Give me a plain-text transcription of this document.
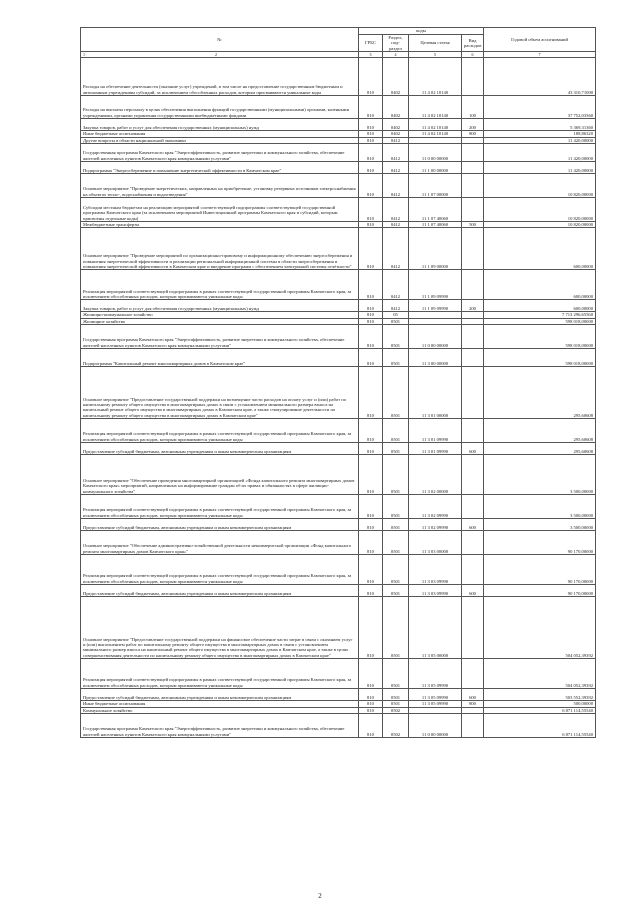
№	коды				Годовой объем ассигнований
	ГРБС	Раздел, под-раздел	Целевая статья	Вид расходов	
1 2	3	4	5	6	7
Расходы на обеспечение деятельности (оказание услуг) учреждений, в том числе на предоставление государственным бюджетным и автономным учреждениям субсидий, за исключением обособленных расходов, которым присваиваются уникальные коды	810	0402	11 4 02 10140		43 310,71000
Расходы на выплаты персоналу в целях обеспечения выполнения функций государственными (муниципальными) органами, казенными учреждениями, органами управления государственными внебюджетными фондами	810	0402	11 4 02 10140	100	37 752,03360
Закупка товаров, работ и услуг для обеспечения государственных (муниципальных) нужд	810	0402	11 4 02 10140	200	5 369,31360
Иные бюджетные ассигнования	810	0402	11 4 02 10140	800	188,86320
Другие вопросы в области национальной экономики	810	0412			11 420,00000
Государственная программа Камчатского края "Энергоэффективность, развитие энергетики и коммунального хозяйства, обеспечение жителей населенных пунктов Камчатского края коммунальными услугами"	810	0412	11 0 00 00000		11 420,00000
Подпрограмма "Энергосбережение и повышение энергетической эффективности в Камчатском крае"	810	0412	11 1 00 00000		11 420,00000
Основное мероприятие "Проведение энергетических, направленных на приобретение, установку резервных источников электроснабжения на объектах тепло-, водоснабжения и водоотведения"	810	0412	11 1 07 00000		10 820,00000
Субсидии местным бюджетам на реализацию мероприятий соответствующей подпрограммы соответствующей государственной программы Камчатского края (за исключением мероприятий Инвестиционной программы Камчатского края и субсидий, которым присвоены отдельные коды)	810	0412	11 1 07 40060		10 820,00000
Межбюджетные трансферты	810	0412	11 1 07 40060	500	10 820,00000
Основное мероприятие "Проведение мероприятий по организационно-правовому и информационному обеспечению энергосбережения и повышения энергетической эффективности и реализации региональной информационной системы в области энергосбережения и повышения энергетической эффективности в Камчатском крае и внедрение программ с обеспечением электронной системы отчётности"	810	0412	11 1 09 00000		600,00000
Реализация мероприятий соответствующей подпрограммы в рамках соответствующей государственной программы Камчатского края, за исключением обособленных расходов, которым присваиваются уникальные коды	810	0412	11 1 09 09990		600,00000
Закупка товаров, работ и услуг для обеспечения государственных (муниципальных) нужд	810	0412	11 1 09 09990	200	600,00000
Жилищно-коммунальное хозяйство	810	05			7 713 296,65560
Жилищное хозяйство	810	0501			598 018,00000
Государственная программа Камчатского края "Энергоэффективность, развитие энергетики и коммунального хозяйства, обеспечение жителей населенных пунктов Камчатского края коммунальными услугами"	810	0501	11 0 00 00000		598 018,00000
Подпрограмма "Капитальный ремонт многоквартирных домов в Камчатском крае"	810	0501	11 3 00 00000		598 018,00000
Основное мероприятие "Предоставление государственной поддержки на возмещение части расходов на оплату услуг и (или) работ по капитальному ремонту общего имущества в многоквартирных домах в связи с установлением минимального размера взноса на капитальный ремонт общего имущества в многоквартирных домах в Камчатском крае, а также стимулирование деятельности по капитальному ремонту общего имущества в многоквартирных домах в Камчатском крае"	810	0501	11 3 01 00000		295,60608
Реализация мероприятий соответствующей подпрограммы в рамках соответствующей государственной программы Камчатского края, за исключением обособленных расходов, которым присваиваются уникальные коды	810	0501	11 3 01 09990		295,60608
Предоставление субсидий бюджетным, автономным учреждениям и иным некоммерческим организациям	810	0501	11 3 01 09990	600	295,60608
Основное мероприятие "Обеспечение проведения многоквартирной организацией «Фонда капитального ремонта многоквартирных домов Камчатского края» мероприятий, направленных на информирование граждан об их правах и обязанностях в сфере жилищно-коммунального хозяйства"	810	0501	11 3 02 00000		3 500,00000
Реализация мероприятий соответствующей подпрограммы в рамках соответствующей государственной программы Камчатского края, за исключением обособленных расходов, которым присваиваются уникальные коды	810	0501	11 3 02 09990		3 500,00000
Предоставление субсидий бюджетным, автономным учреждениям и иным некоммерческим организациям	810	0501	11 3 02 09990	600	3 500,00000
Основное мероприятие "Обеспечение административно-хозяйственной деятельности некоммерческой организации «Фонд капитального ремонта многоквартирных домов Камчатского края»"	810	0501	11 3 03 00000		90 170,00000
Реализация мероприятий соответствующей подпрограммы в рамках соответствующей государственной программы Камчатского края, за исключением обособленных расходов, которым присваиваются уникальные коды	810	0501	11 3 03 09990		90 170,00000
Предоставление субсидий бюджетным, автономным учреждениям и иным некоммерческим организациям	810	0501	11 3 03 09990	600	90 170,00000
Основное мероприятие "Предоставление государственной поддержки на финансовое обеспечение части затрат в связи с оказанием услуг и (или) выполнением работ по капитальному ремонту общего имущества в многоквартирных домах в связи с установлением минимального размер взноса на капитальный ремонт общего имущества в многоквартирных домах в Камчатском крае, а также в целях совершенствования деятельности по капитальному ремонту общего имущества в многоквартирных домах в Камчатском крае"	810	0501	11 3 05 00000		504 052,39392
Реализация мероприятий соответствующей подпрограммы в рамках соответствующей государственной программы Камчатского края, за исключением обособленных расходов, которым присваиваются уникальные коды	810	0501	11 3 05 09990		504 052,39392
Предоставление субсидий бюджетным, автономным учреждениям и иным некоммерческим организациям	810	0501	11 3 05 09990	600	503 552,39392
Иные бюджетные ассигнования	810	0501	11 3 05 09990	800	500,00000
Коммунальное хозяйство	810	0502			6 871 114,55540
Государственная программа Камчатского края "Энергоэффективность, развитие энергетики и коммунального хозяйства, обеспечение жителей населенных пунктов Камчатского края коммунальными услугами"	810	0502	11 0 00 00000		6 871 114,55540
2
